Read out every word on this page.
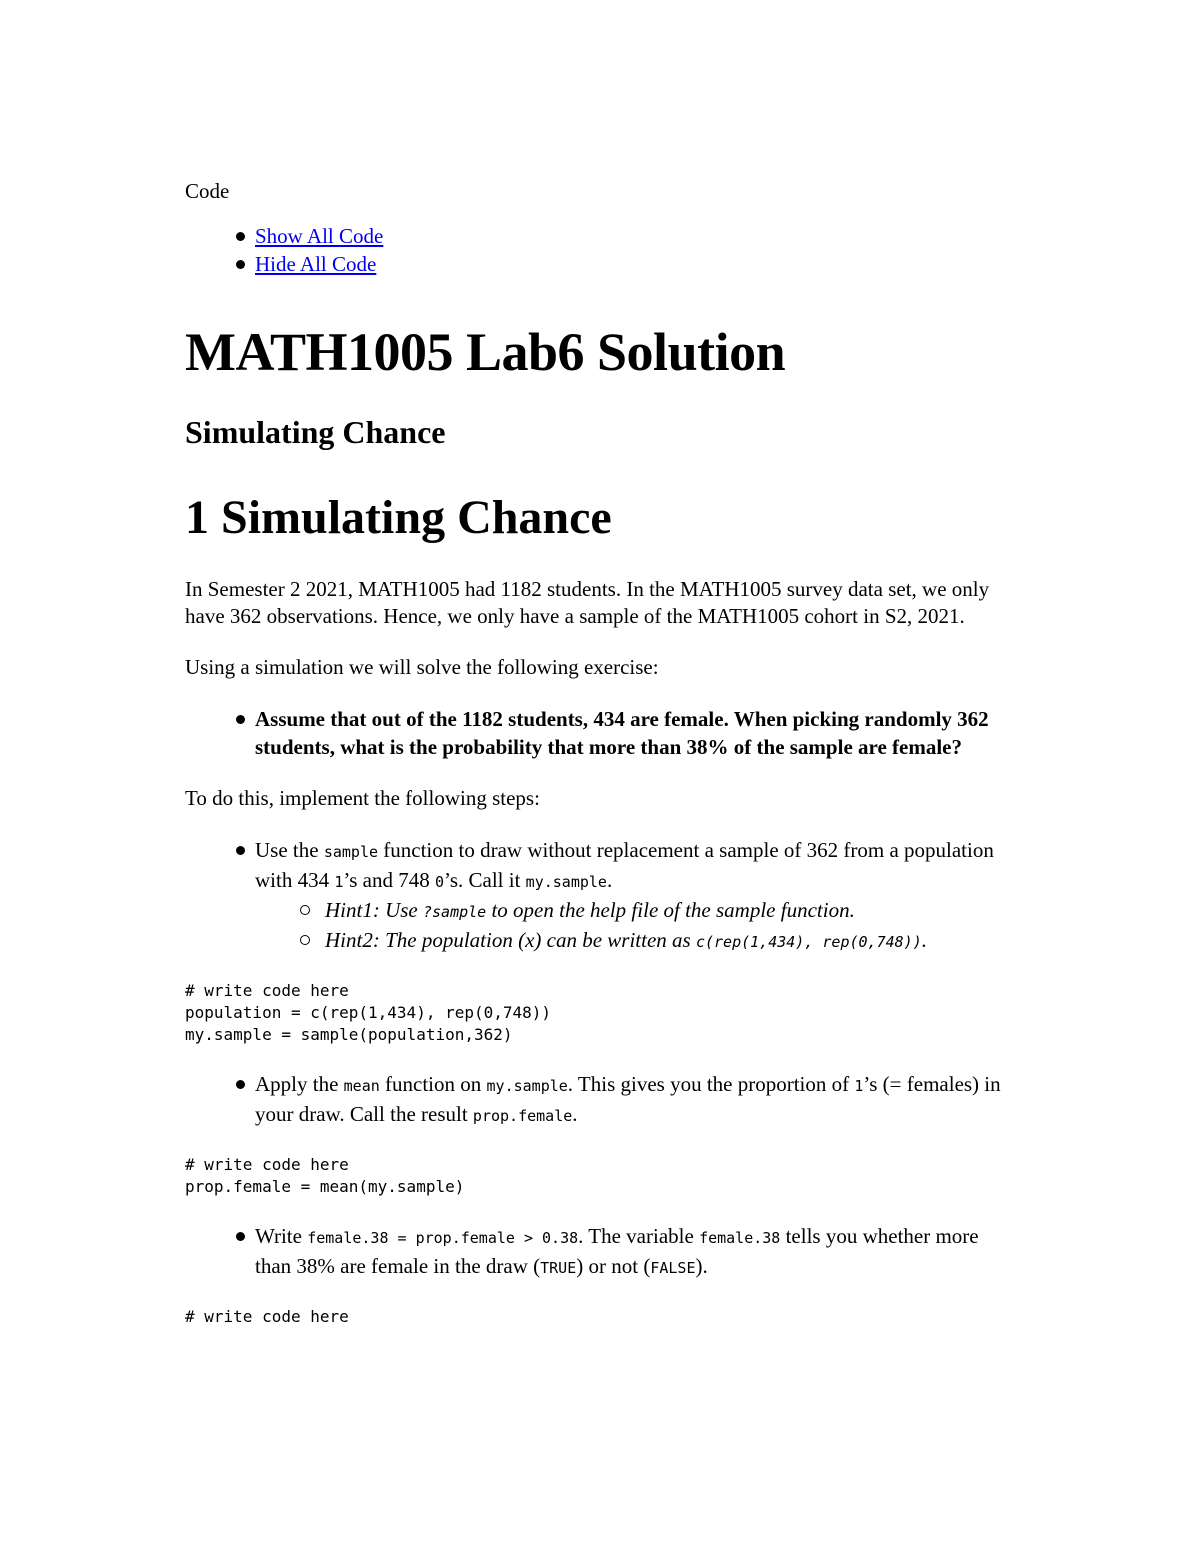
Code
Show All Code
Hide All Code
MATH1005 Lab6 Solution
Simulating Chance
1 Simulating Chance

In Semester 2 2021, MATH1005 had 1182 students. In the MATH1005 survey data set, we only have 362 observations. Hence, we only have a sample of the MATH1005 cohort in S2, 2021.

Using a simulation we will solve the following exercise:

Assume that out of the 1182 students, 434 are female. When picking randomly 362 students, what is the probability that more than 38% of the sample are female?

To do this, implement the following steps:

Use the sample function to draw without replacement a sample of 362 from a population with 434 1’s and 748 0’s. Call it my.sample.
Hint1: Use ?sample to open the help file of the sample function.
Hint2: The population (x) can be written as c(rep(1,434), rep(0,748)).
# write code here
population = c(rep(1,434), rep(0,748))
my.sample = sample(population,362)
Apply the mean function on my.sample. This gives you the proportion of 1’s (= females) in your draw. Call the result prop.female.
# write code here
prop.female = mean(my.sample)
Write female.38 = prop.female > 0.38. The variable female.38 tells you whether more than 38% are female in the draw (TRUE) or not (FALSE).
# write code here
